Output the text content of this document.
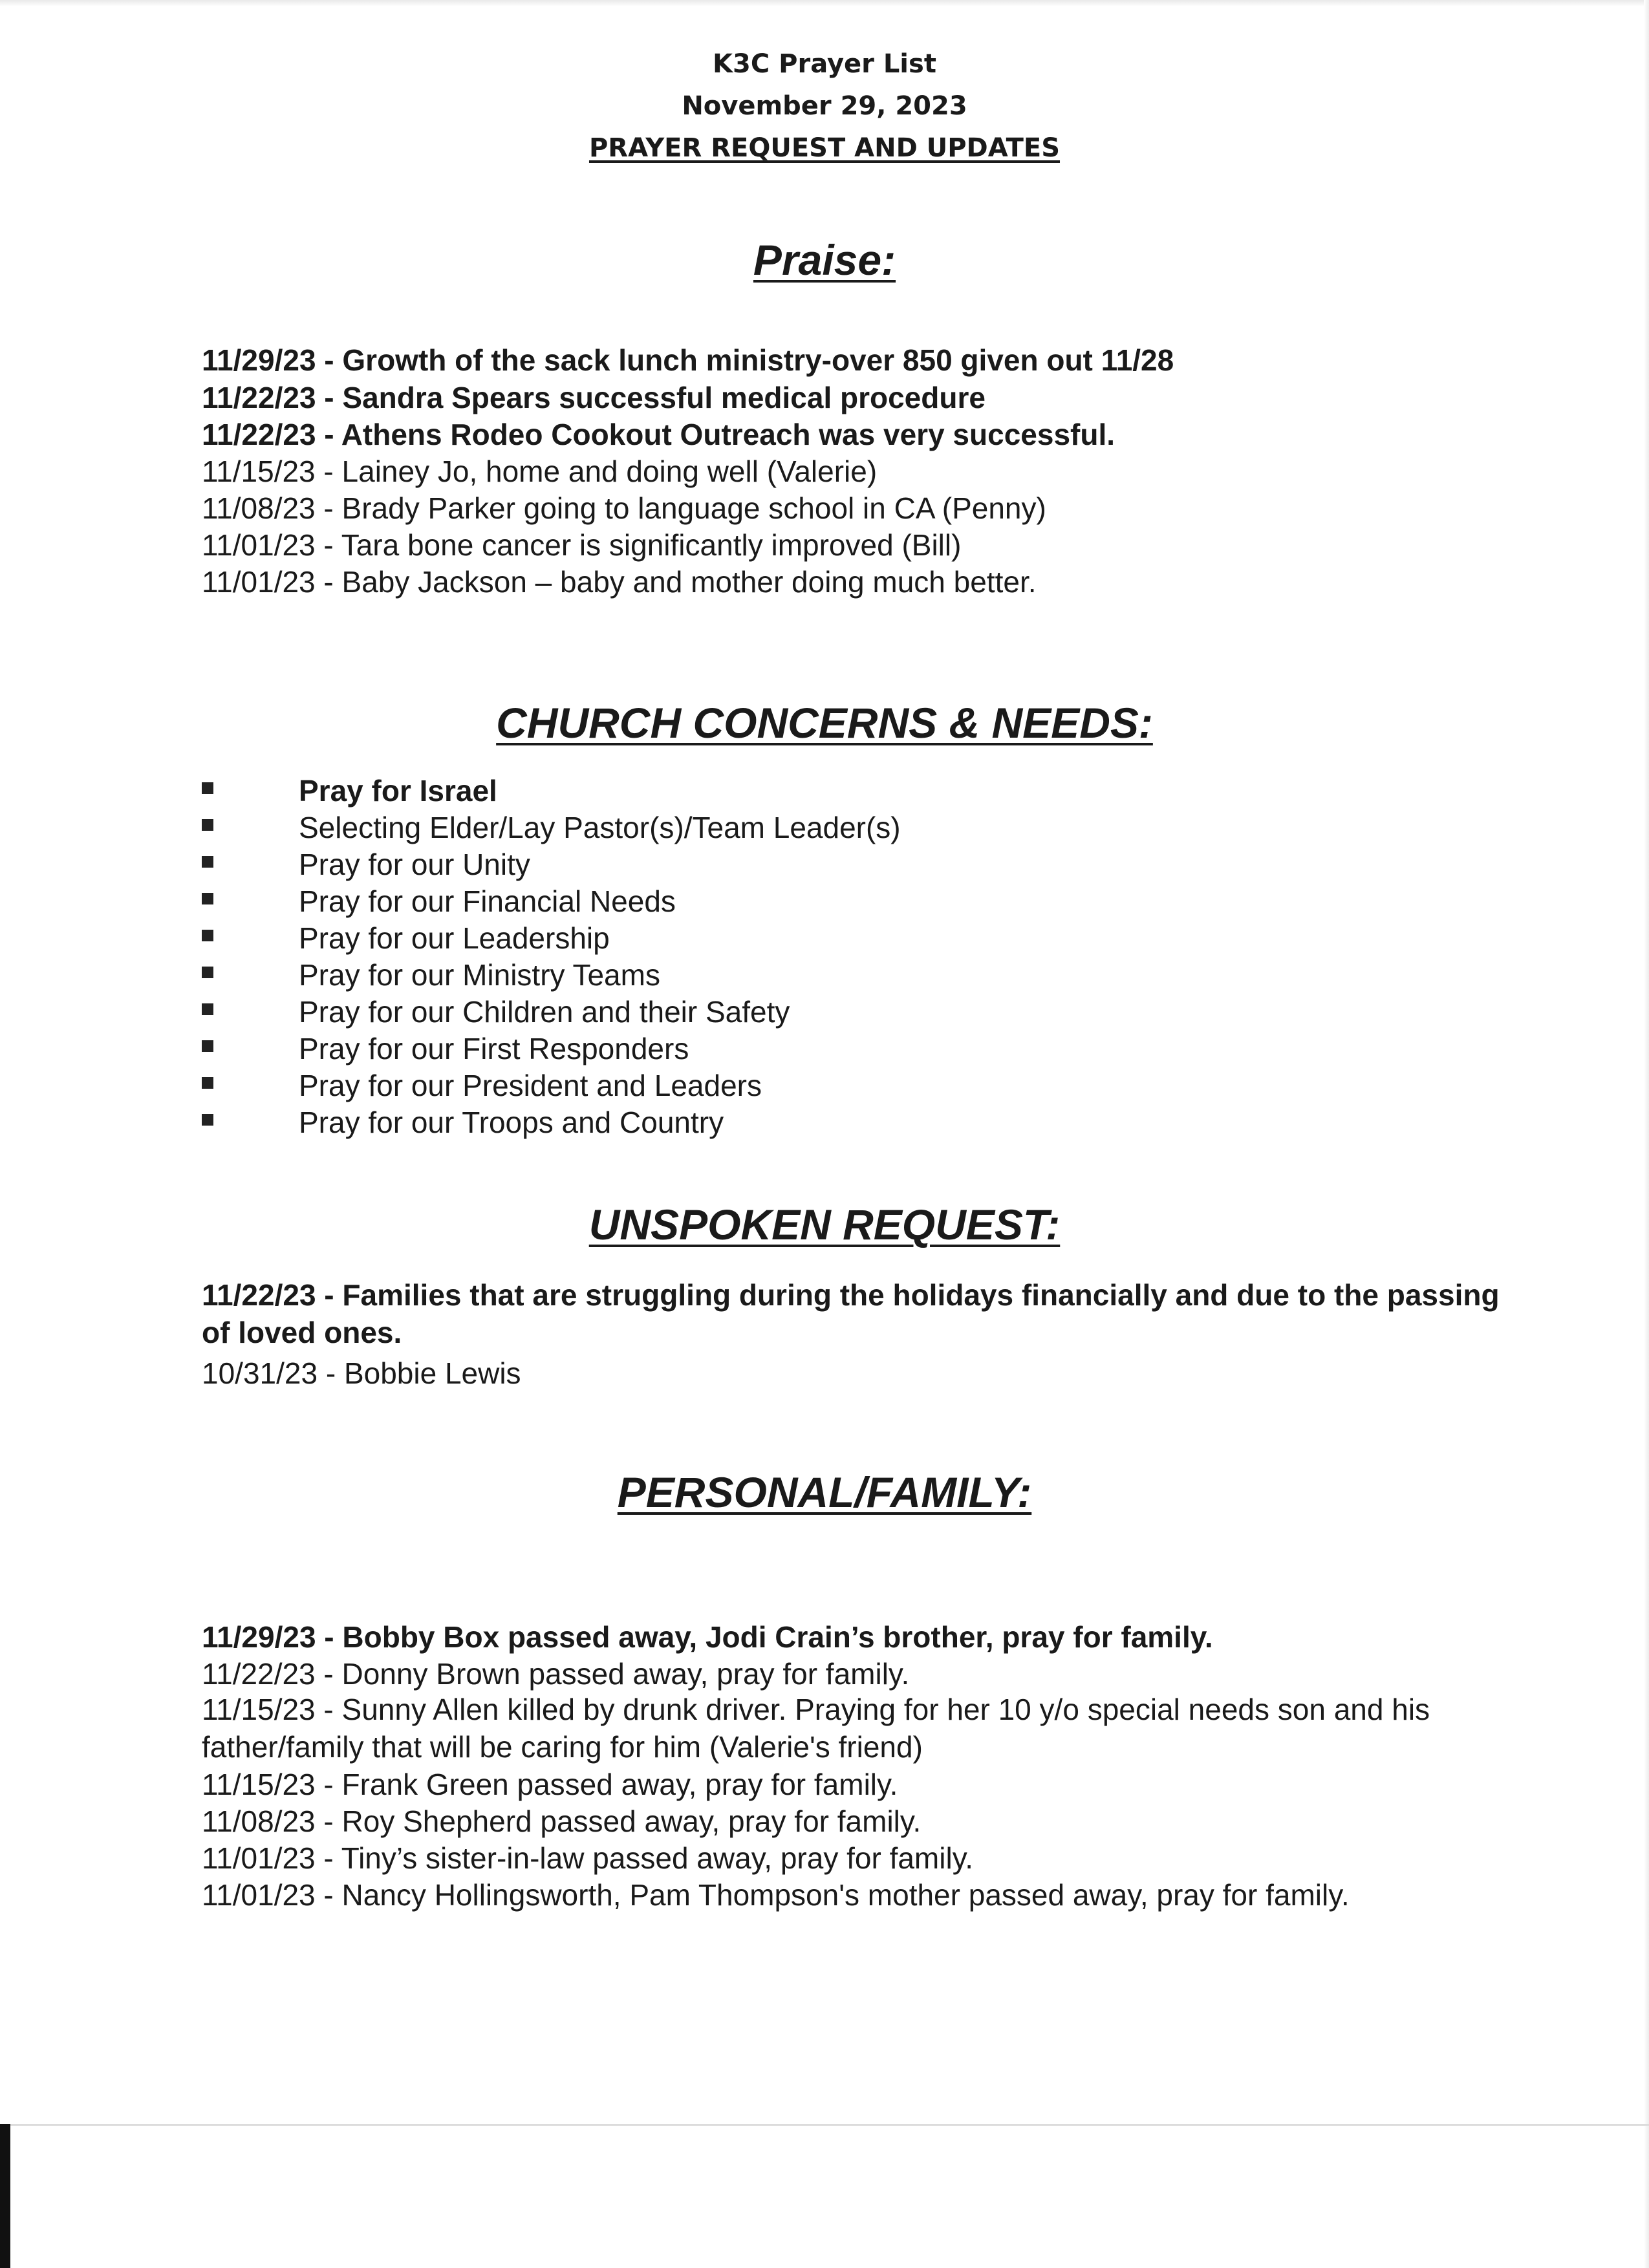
K3C Prayer List
November 29, 2023
PRAYER REQUEST AND UPDATES
Praise:
11/29/23 - Growth of the sack lunch ministry-over 850 given out 11/28
11/22/23 - Sandra Spears successful medical procedure
11/22/23 - Athens Rodeo Cookout Outreach was very successful.
11/15/23 - Lainey Jo, home and doing well (Valerie)
11/08/23 - Brady Parker going to language school in CA (Penny)
11/01/23 - Tara bone cancer is significantly improved (Bill)
11/01/23 - Baby Jackson – baby and mother doing much better.
CHURCH CONCERNS & NEEDS:
Pray for Israel
Selecting Elder/Lay Pastor(s)/Team Leader(s)
Pray for our Unity
Pray for our Financial Needs
Pray for our Leadership
Pray for our Ministry Teams
Pray for our Children and their Safety
Pray for our First Responders
Pray for our President and Leaders
Pray for our Troops and Country
UNSPOKEN REQUEST:
11/22/23 - Families that are struggling during the holidays financially and due to the passing of loved ones.
10/31/23 - Bobbie Lewis
PERSONAL/FAMILY:
11/29/23 - Bobby Box passed away, Jodi Crain’s brother, pray for family.
11/22/23 - Donny Brown passed away, pray for family.
11/15/23 - Sunny Allen killed by drunk driver. Praying for her 10 y/o special needs son and his father/family that will be caring for him (Valerie's friend)
11/15/23 - Frank Green passed away, pray for family.
11/08/23 - Roy Shepherd passed away, pray for family.
11/01/23 - Tiny’s sister-in-law passed away, pray for family.
11/01/23 - Nancy Hollingsworth, Pam Thompson's mother passed away, pray for family.
